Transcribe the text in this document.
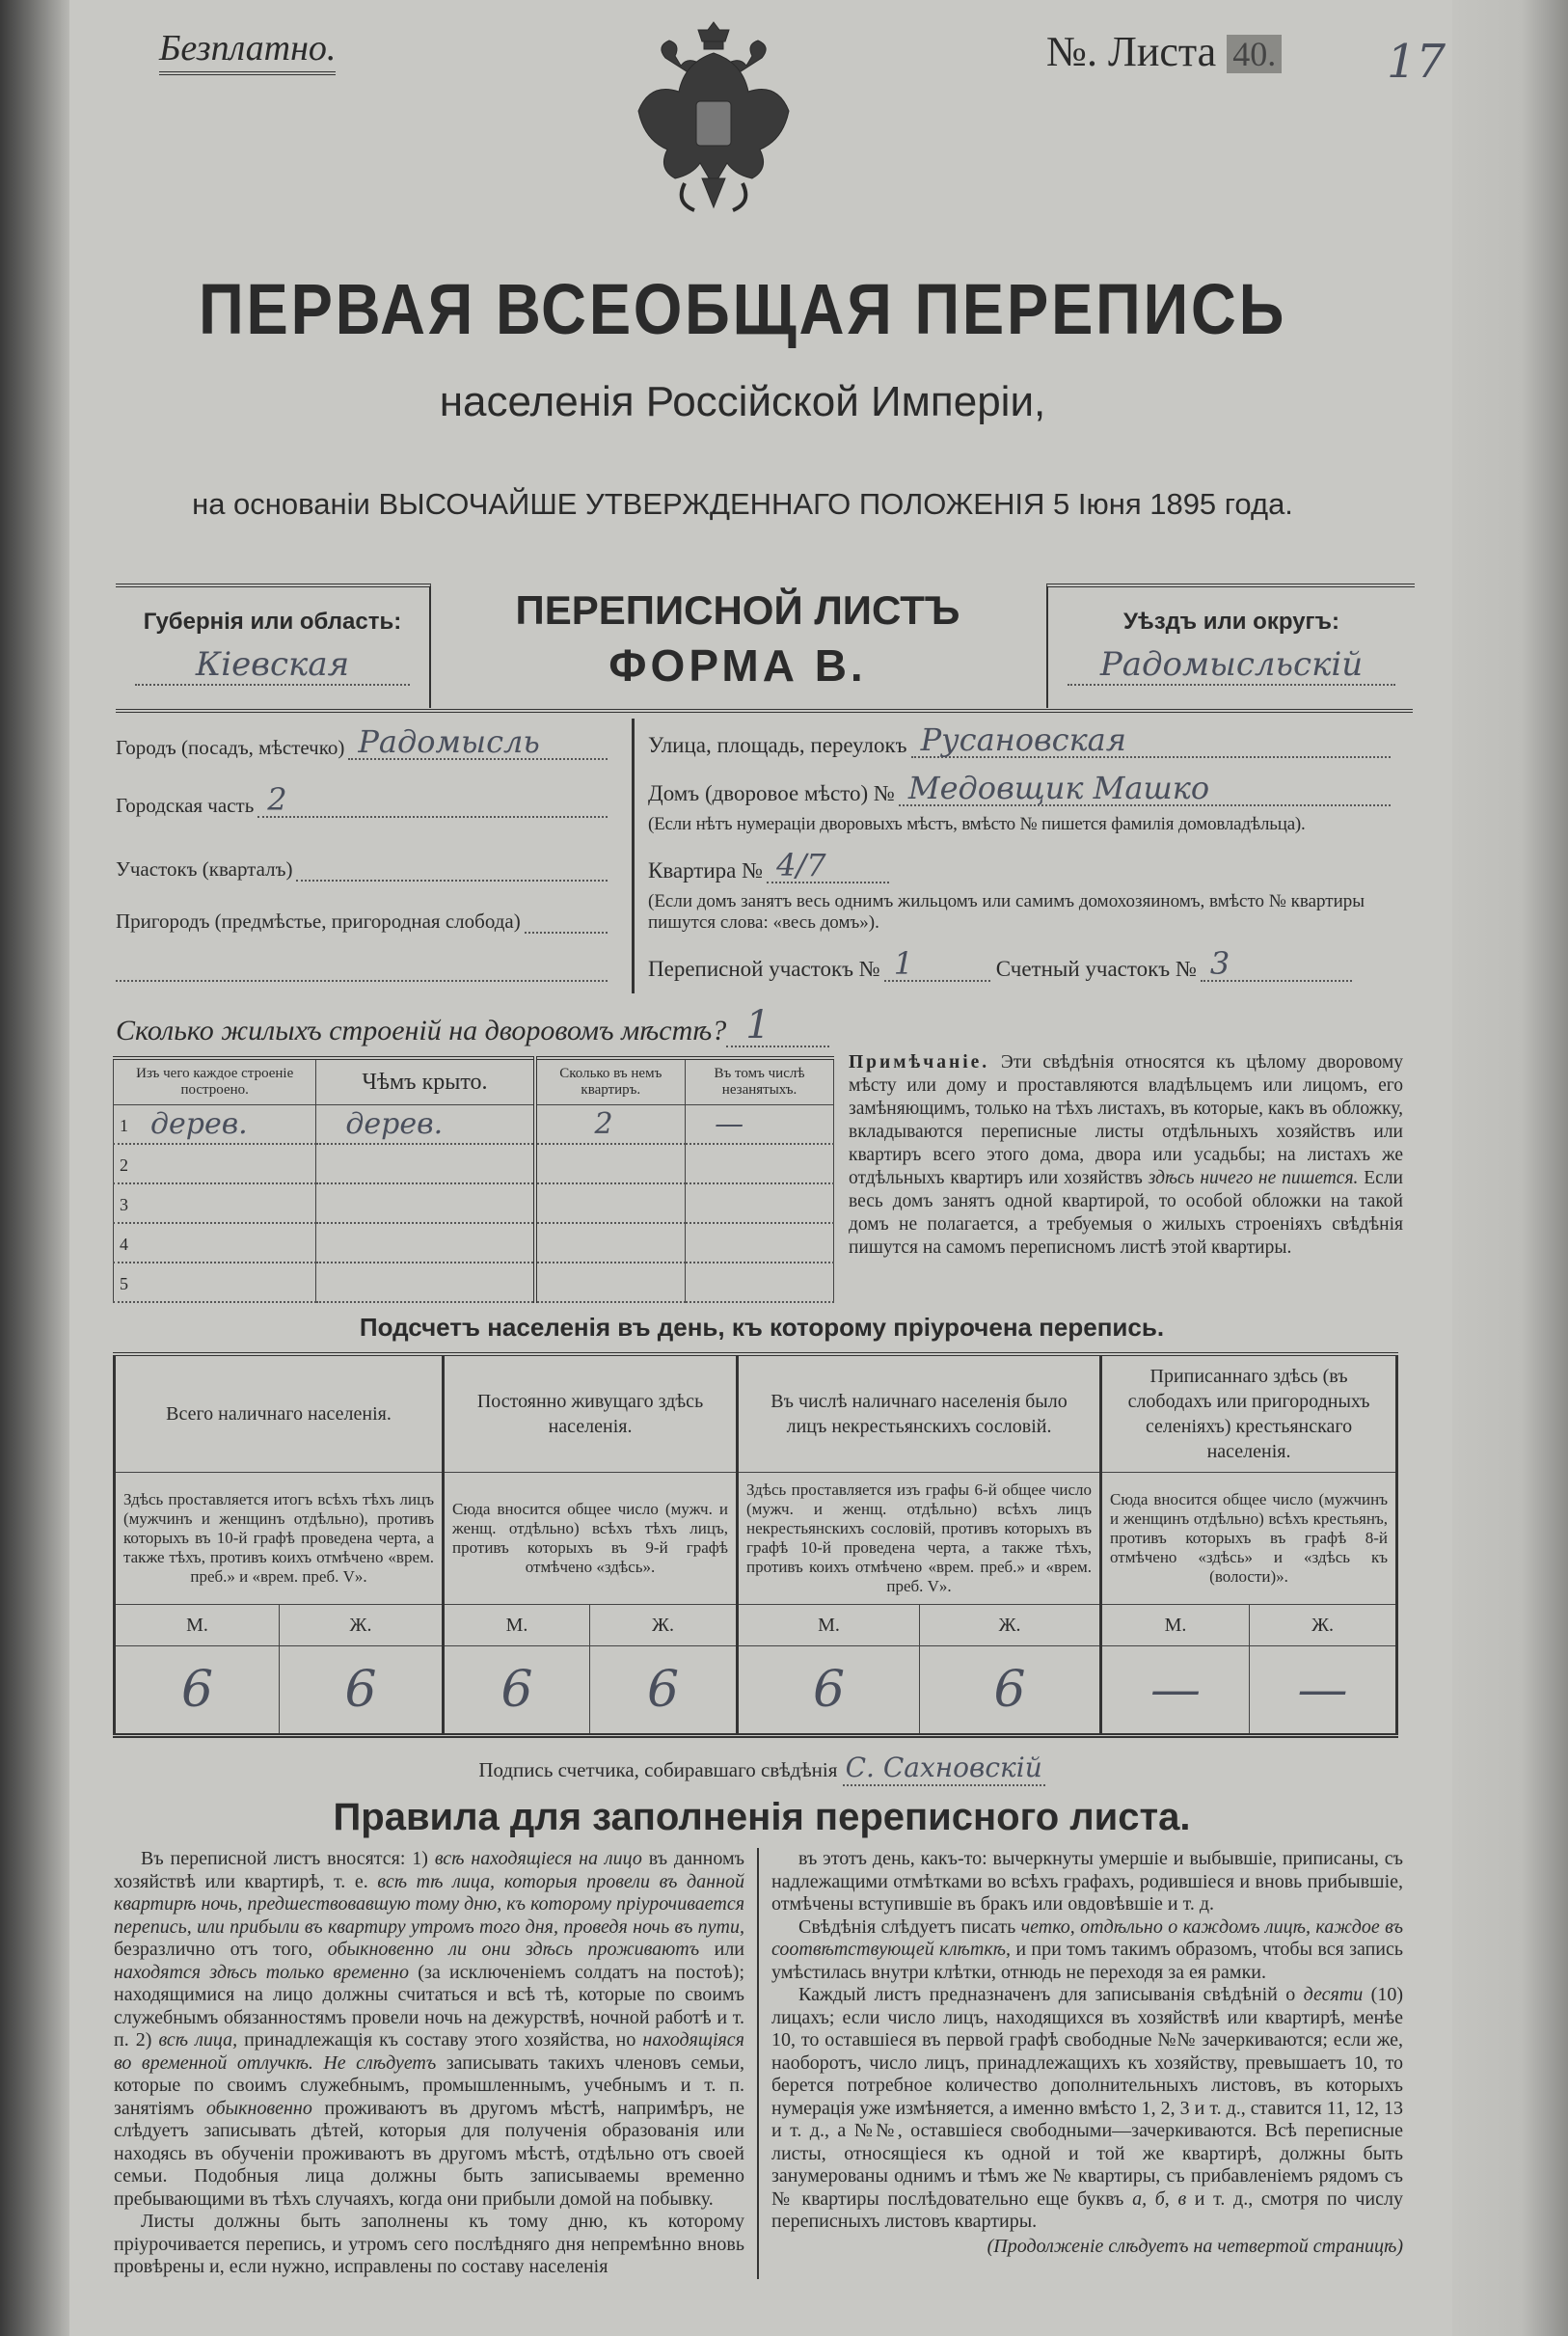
Безплатно.	№. Листа 40. 17
ПЕРВАЯ ВСЕОБЩАЯ ПЕРЕПИСЬ
населенія Россійской Имперіи,
на основаніи ВЫСОЧАЙШЕ УТВЕРЖДЕННАГО ПОЛОЖЕНІЯ 5 Іюня 1895 года.
Губернія или область:
Кіевская
ПЕРЕПИСНОЙ ЛИСТЪ
ФОРМА В.
Уѣздъ или округъ:
Радомысльскій
Городъ (посадъ, мѣстечко) Радомысль
Городская часть 2
Участокъ (кварталъ)
Пригородъ (предмѣстье, пригородная слобода)
Улица, площадь, переулокъ Русановская
Домъ (дворовое мѣсто) № Медовщик Машко
(Если нѣтъ нумераціи дворовыхъ мѣстъ, вмѣсто № пишется фамилія домовладѣльца).
Квартира № 4/7
(Если домъ занятъ весь однимъ жильцомъ или самимъ домохозяиномъ, вмѣсто № квартиры пишутся слова: «весь домъ»).
Переписной участокъ № 1	Счетный участокъ № 3
Сколько жилыхъ строеній на дворовомъ мѣстѣ? 1
Изъ чего каждое строеніе построено.	Чѣмъ крыто.	Сколько въ немъ квартиръ.	Въ томъ числѣ незанятыхъ.

1 дерев.	дерев.	2	—

2			

3			

4			

5			

Примѣчаніе. Эти свѣдѣнія относятся къ цѣлому дворовому мѣсту или дому и проставляются владѣльцемъ или лицомъ, его замѣняющимъ, только на тѣхъ листахъ, въ которые, какъ въ обложку, вкладываются переписные листы отдѣльныхъ хозяйствъ или квартиръ всего этого дома, двора или усадьбы; на листахъ же отдѣльныхъ квартиръ или хозяйствъ здѣсь ничего не пишется. Если весь домъ занятъ одной квартирой, то особой обложки на такой домъ не полагается, а требуемыя о жилыхъ строеніяхъ свѣдѣнія пишутся на самомъ переписномъ листѣ этой квартиры.
Подсчетъ населенія въ день, къ которому пріурочена перепись.
Всего наличнаго населенія.		Постоянно живущаго здѣсь населенія.		Въ числѣ наличнаго населенія было лицъ некрестьянскихъ сословій.		Приписаннаго здѣсь (въ слободахъ или пригородныхъ селеніяхъ) крестьянскаго населенія.	
Здѣсь проставляется итогъ всѣхъ тѣхъ лицъ (мужчинъ и женщинъ отдѣльно), противъ которыхъ въ 10-й графѣ проведена черта, а также тѣхъ, противъ коихъ отмѣчено «врем. преб.» и «врем. преб. V».		Сюда вносится общее число (мужч. и женщ. отдѣльно) всѣхъ тѣхъ лицъ, противъ которыхъ въ 9-й графѣ отмѣчено «здѣсь».		Здѣсь проставляется изъ графы 6-й общее число (мужч. и женщ. отдѣльно) всѣхъ лицъ некрестьянскихъ сословій, противъ которыхъ въ графѣ 10-й проведена черта, а также тѣхъ, противъ коихъ отмѣчено «врем. преб.» и «врем. преб. V».		Сюда вносится общее число (мужчинъ и женщинъ отдѣльно) всѣхъ крестьянъ, противъ которыхъ въ графѣ 8-й отмѣчено «здѣсь» и «здѣсь къ (волости)».	
М.	Ж.	М.	Ж.	М.	Ж.	М.	Ж.
6	6	6	6	6	6	—	—
Подпись счетчика, собиравшаго свѣдѣнія С. Сахновскій
Правила для заполненія переписного листа.

Въ переписной листъ вносятся: 1) всѣ находящіеся на лицо въ данномъ хозяйствѣ или квартирѣ, т. е. всѣ тѣ лица, которыя провели въ данной квартирѣ ночь, предшествовавшую тому дню, къ которому пріурочивается перепись, или прибыли въ квартиру утромъ того дня, проведя ночь въ пути, безразлично отъ того, обыкновенно ли они здѣсь проживаютъ или находятся здѣсь только временно (за исключеніемъ солдатъ на постоѣ); находящимися на лицо должны считаться и всѣ тѣ, которые по своимъ служебнымъ обязанностямъ провели ночь на дежурствѣ, ночной работѣ и т. п. 2) всѣ лица, принадлежащія къ составу этого хозяйства, но находящіяся во временной отлучкѣ. Не слѣдуетъ записывать такихъ членовъ семьи, которые по своимъ служебнымъ, промышленнымъ, учебнымъ и т. п. занятіямъ обыкновенно проживаютъ въ другомъ мѣстѣ, напримѣръ, не слѣдуетъ записывать дѣтей, которыя для полученія образованія или находясь въ обученіи проживаютъ въ другомъ мѣстѣ, отдѣльно отъ своей семьи. Подобныя лица должны быть записываемы временно пребывающими въ тѣхъ случаяхъ, когда они прибыли домой на побывку.

Листы должны быть заполнены къ тому дню, къ которому пріурочивается перепись, и утромъ сего послѣдняго дня непремѣнно вновь провѣрены и, если нужно, исправлены по составу населенія

въ этотъ день, какъ-то: вычеркнуты умершіе и выбывшіе, приписаны, съ надлежащими отмѣтками во всѣхъ графахъ, родившіеся и вновь прибывшіе, отмѣчены вступившіе въ бракъ или овдовѣвшіе и т. д.

Свѣдѣнія слѣдуетъ писать четко, отдѣльно о каждомъ лицѣ, каждое въ соотвѣтствующей клѣткѣ, и при томъ такимъ образомъ, чтобы вся запись умѣстилась внутри клѣтки, отнюдь не переходя за ея рамки.

Каждый листъ предназначенъ для записыванія свѣдѣній о десяти (10) лицахъ; если число лицъ, находящихся въ хозяйствѣ или квартирѣ, менѣе 10, то оставшіеся въ первой графѣ свободные №№ зачеркиваются; если же, наоборотъ, число лицъ, принадлежащихъ къ хозяйству, превышаетъ 10, то берется потребное количество дополнительныхъ листовъ, въ которыхъ нумерація уже измѣняется, а именно вмѣсто 1, 2, 3 и т. д., ставится 11, 12, 13 и т. д., а №№, оставшіеся свободными—зачеркиваются. Всѣ переписные листы, относящіеся къ одной и той же квартирѣ, должны быть занумерованы однимъ и тѣмъ же № квартиры, съ прибавленіемъ рядомъ съ № квартиры послѣдовательно еще буквъ а, б, в и т. д., смотря по числу переписныхъ листовъ квартиры.

(Продолженіе слѣдуетъ на четвертой страницѣ)
